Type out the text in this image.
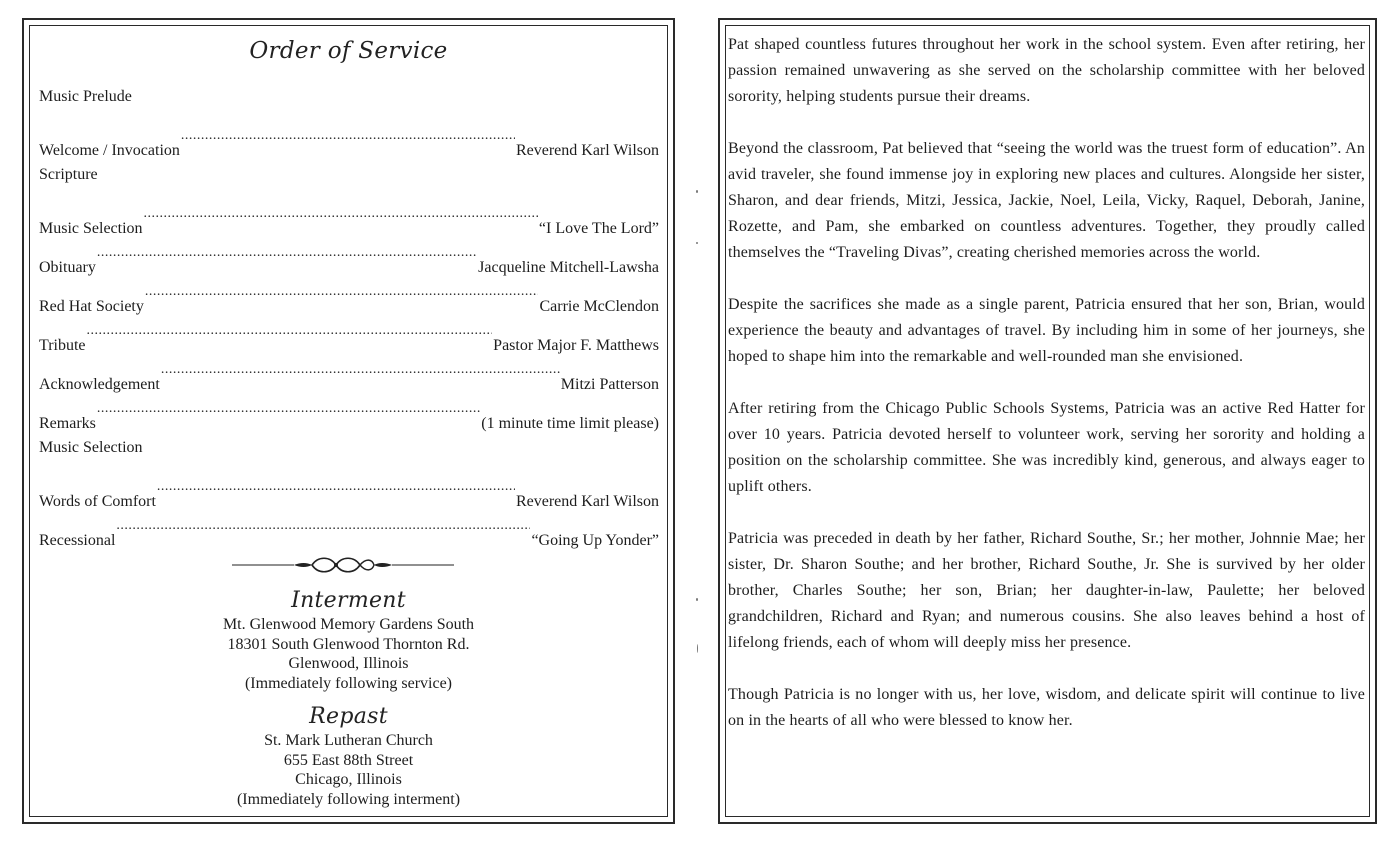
Order of Service
Music Prelude
Welcome / Invocation .....	Reverend Karl Wilson
Scripture
Music Selection .....	“I Love The Lord”
Obituary .....	Jacqueline Mitchell-Lawsha
Red Hat Society .....	Carrie McClendon
Tribute .....	Pastor Major F. Matthews
Acknowledgement .....	Mitzi Patterson
Remarks .....	(1 minute time limit please)
Music Selection
Words of Comfort .....	Reverend Karl Wilson
Recessional .....	“Going Up Yonder”
Interment
Mt. Glenwood Memory Gardens South
18301 South Glenwood Thornton Rd.
Glenwood, Illinois
(Immediately following service)
Repast
St. Mark Lutheran Church
655 East 88th Street
Chicago, Illinois
(Immediately following interment)

Pat shaped countless futures throughout her work in the school system. Even after retiring, her passion remained unwavering as she served on the scholarship committee with her beloved sorority, helping students pursue their dreams.

Beyond the classroom, Pat believed that “seeing the world was the truest form of education”. An avid traveler, she found immense joy in exploring new places and cultures. Alongside her sister, Sharon, and dear friends, Mitzi, Jessica, Jackie, Noel, Leila, Vicky, Raquel, Deborah, Janine, Rozette, and Pam, she embarked on countless adventures. Together, they proudly called themselves the “Traveling Divas”, creating cherished memories across the world.

Despite the sacrifices she made as a single parent, Patricia ensured that her son, Brian, would experience the beauty and advantages of travel. By including him in some of her journeys, she hoped to shape him into the remarkable and well-rounded man she envisioned.

After retiring from the Chicago Public Schools Systems, Patricia was an active Red Hatter for over 10 years. Patricia devoted herself to volunteer work, serving her sorority and holding a position on the scholarship committee. She was incredibly kind, generous, and always eager to uplift others.

Patricia was preceded in death by her father, Richard Southe, Sr.; her mother, Johnnie Mae; her sister, Dr. Sharon Southe; and her brother, Richard Southe, Jr. She is survived by her older brother, Charles Southe; her son, Brian; her daughter-in-law, Paulette; her beloved grandchildren, Richard and Ryan; and numerous cousins. She also leaves behind a host of lifelong friends, each of whom will deeply miss her presence.

Though Patricia is no longer with us, her love, wisdom, and delicate spirit will continue to live on in the hearts of all who were blessed to know her.
